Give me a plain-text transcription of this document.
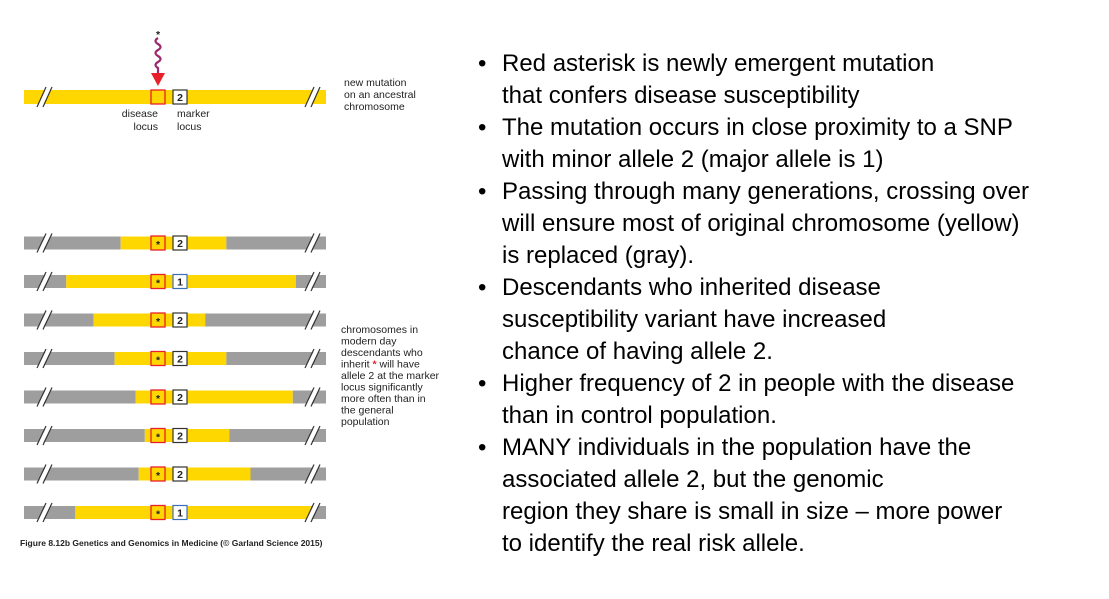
2
*
disease
locus
marker
locus
new mutation
on an ancestral
chromosome
2
*
1
*
2
*
2
*
2
*
2
*
2
*
1
*
chromosomes in
modern day
descendants who
inherit * will have
allele 2 at the marker
locus significantly
more often than in
the general
population
Figure 8.12b Genetics and Genomics in Medicine (© Garland Science 2015)
• Red asterisk is newly emergent mutation
that confers disease susceptibility
• The mutation occurs in close proximity to a SNP
with minor allele 2 (major allele is 1)
• Passing through many generations, crossing over
will ensure most of original chromosome (yellow)
is replaced (gray).
• Descendants who inherited disease
susceptibility variant have increased
chance of having allele 2.
• Higher frequency of 2 in people with the disease
than in control population.
• MANY individuals in the population have the
associated allele 2, but the genomic
region they share is small in size – more power
to identify the real risk allele.
